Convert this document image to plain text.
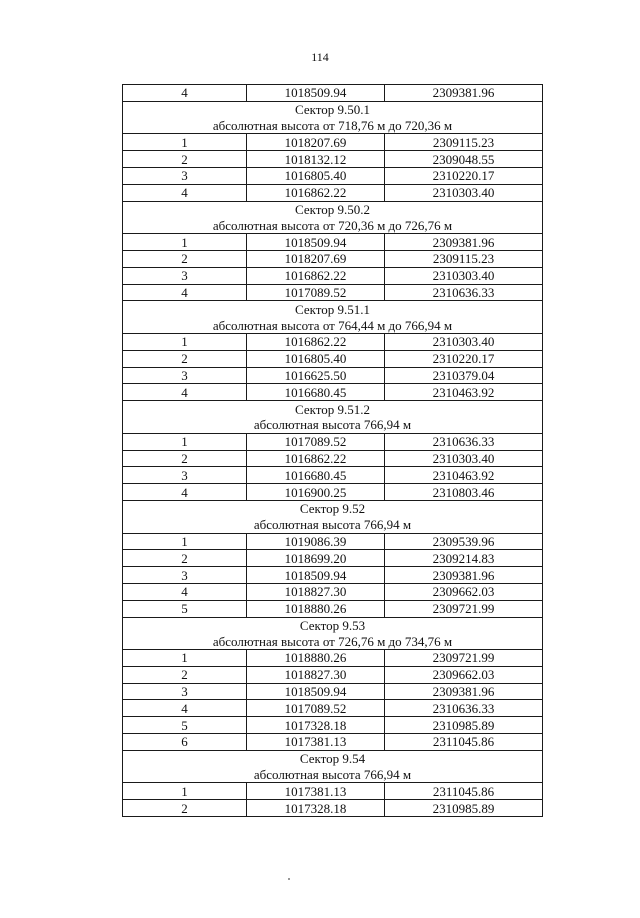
114
4	1018509.94	2309381.96
Сектор 9.50.1		
абсолютная высота от 718,76 м до 720,36 м		
1	1018207.69	2309115.23
2	1018132.12	2309048.55
3	1016805.40	2310220.17
4	1016862.22	2310303.40
Сектор 9.50.2		
абсолютная высота от 720,36 м до 726,76 м		
1	1018509.94	2309381.96
2	1018207.69	2309115.23
3	1016862.22	2310303.40
4	1017089.52	2310636.33
Сектор 9.51.1		
абсолютная высота от 764,44 м до 766,94 м		
1	1016862.22	2310303.40
2	1016805.40	2310220.17
3	1016625.50	2310379.04
4	1016680.45	2310463.92
Сектор 9.51.2		
абсолютная высота 766,94 м		
1	1017089.52	2310636.33
2	1016862.22	2310303.40
3	1016680.45	2310463.92
4	1016900.25	2310803.46
Сектор 9.52		
абсолютная высота 766,94 м		
1	1019086.39	2309539.96
2	1018699.20	2309214.83
3	1018509.94	2309381.96
4	1018827.30	2309662.03
5	1018880.26	2309721.99
Сектор 9.53		
абсолютная высота от 726,76 м до 734,76 м		
1	1018880.26	2309721.99
2	1018827.30	2309662.03
3	1018509.94	2309381.96
4	1017089.52	2310636.33
5	1017328.18	2310985.89
6	1017381.13	2311045.86
Сектор 9.54		
абсолютная высота 766,94 м		
1	1017381.13	2311045.86
2	1017328.18	2310985.89
